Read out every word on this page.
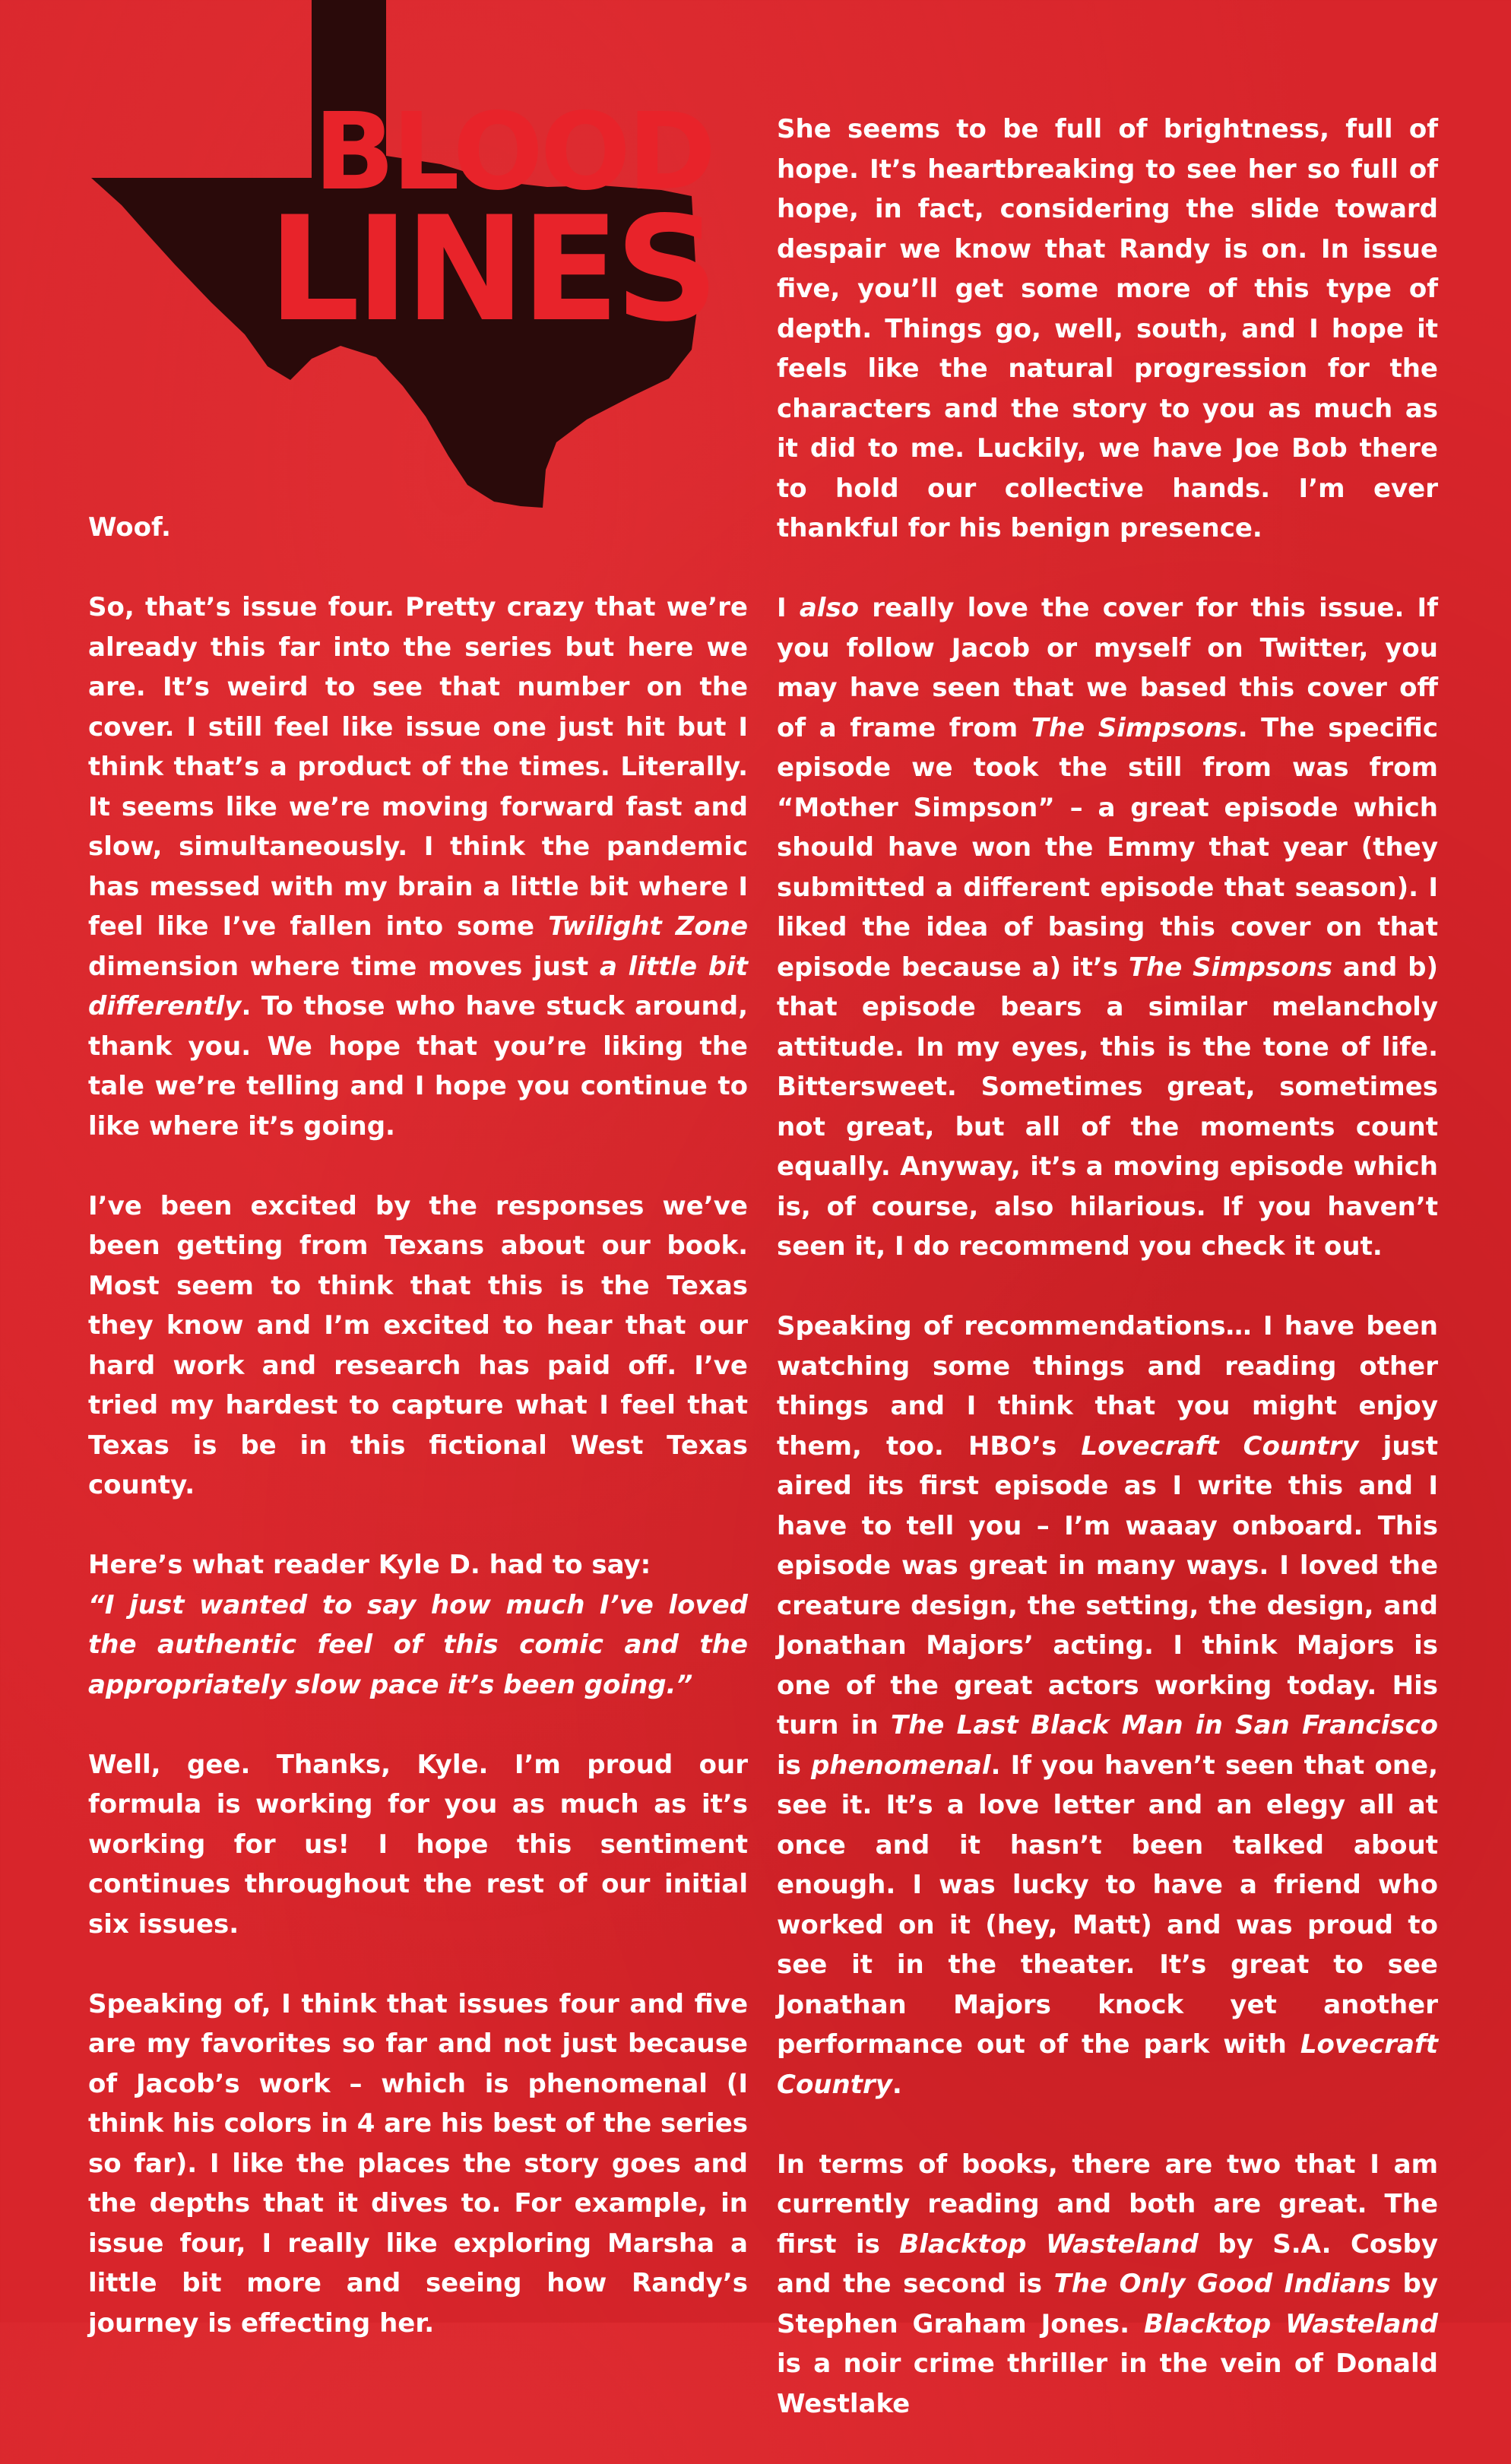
BLOOD
LINES

Woof.

So, that’s issue four. Pretty crazy that we’re already this far into the series but here we are. It’s weird to see that number on the cover. I still feel like issue one just hit but I think that’s a product of the times. Literally. It seems like we’re moving forward fast and slow, simultaneously. I think the pandemic has messed with my brain a little bit where I feel like I’ve fallen into some Twilight Zone dimension where time moves just a little bit differently. To those who have stuck around, thank you. We hope that you’re liking the tale we’re telling and I hope you continue to like where it’s going.

I’ve been excited by the responses we’ve been getting from Texans about our book. Most seem to think that this is the Texas they know and I’m excited to hear that our hard work and research has paid off. I’ve tried my hardest to capture what I feel that Texas is be in this fictional West Texas county.

Here’s what reader Kyle D. had to say:

“I just wanted to say how much I’ve loved the authentic feel of this comic and the appropriately slow pace it’s been going.”

Well, gee. Thanks, Kyle. I’m proud our formula is working for you as much as it’s working for us! I hope this sentiment continues throughout the rest of our initial six issues.

Speaking of, I think that issues four and five are my favorites so far and not just because of Jacob’s work – which is phenomenal (I think his colors in 4 are his best of the series so far). I like the places the story goes and the depths that it dives to. For example, in issue four, I really like exploring Marsha a little bit more and seeing how Randy’s journey is effecting her.

She seems to be full of brightness, full of hope. It’s heartbreaking to see her so full of hope, in fact, considering the slide toward despair we know that Randy is on. In issue five, you’ll get some more of this type of depth. Things go, well, south, and I hope it feels like the natural progression for the characters and the story to you as much as it did to me. Luckily, we have Joe Bob there to hold our collective hands. I’m ever thankful for his benign presence.

I also really love the cover for this issue. If you follow Jacob or myself on Twitter, you may have seen that we based this cover off of a frame from The Simpsons. The specific episode we took the still from was from “Mother Simpson” – a great episode which should have won the Emmy that year (they submitted a different episode that season). I liked the idea of basing this cover on that episode because a) it’s The Simpsons and b) that episode bears a similar melancholy attitude. In my eyes, this is the tone of life. Bittersweet. Sometimes great, sometimes not great, but all of the moments count equally. Anyway, it’s a moving episode which is, of course, also hilarious. If you haven’t seen it, I do recommend you check it out.

Speaking of recommendations… I have been watching some things and reading other things and I think that you might enjoy them, too. HBO’s Lovecraft Country just aired its first episode as I write this and I have to tell you – I’m waaay onboard. This episode was great in many ways. I loved the creature design, the setting, the design, and Jonathan Majors’ acting. I think Majors is one of the great actors working today. His turn in The Last Black Man in San Francisco is phenomenal. If you haven’t seen that one, see it. It’s a love letter and an elegy all at once and it hasn’t been talked about enough. I was lucky to have a friend who worked on it (hey, Matt) and was proud to see it in the theater. It’s great to see Jonathan Majors knock yet another performance out of the park with Lovecraft Country.

In terms of books, there are two that I am currently reading and both are great. The first is Blacktop Wasteland by S.A. Cosby and the second is The Only Good Indians by Stephen Graham Jones. Blacktop Wasteland is a noir crime thriller in the vein of Donald Westlake
